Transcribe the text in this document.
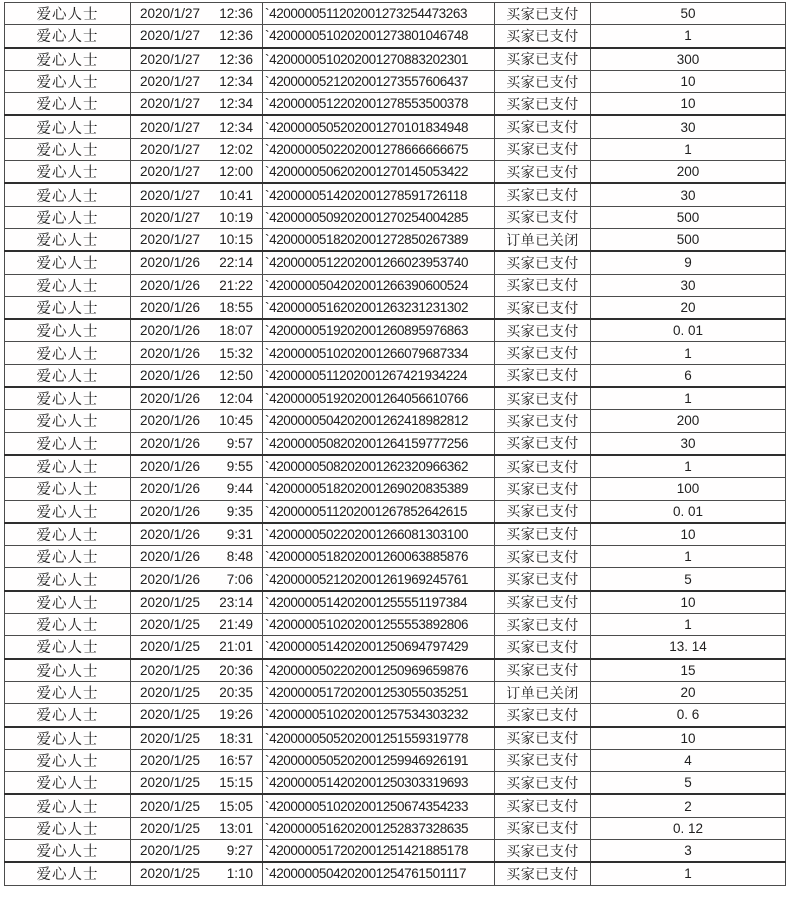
爱心人士	2020/1/27 12:36	`4200000511202001273254473263	买家已支付	50
爱心人士	2020/1/27 12:36	`4200000510202001273801046748	买家已支付	1
爱心人士	2020/1/27 12:36	`4200000510202001270883202301	买家已支付	300
爱心人士	2020/1/27 12:34	`4200000521202001273557606437	买家已支付	10
爱心人士	2020/1/27 12:34	`4200000512202001278553500378	买家已支付	10
爱心人士	2020/1/27 12:34	`4200000505202001270101834948	买家已支付	30
爱心人士	2020/1/27 12:02	`4200000502202001278666666675	买家已支付	1
爱心人士	2020/1/27 12:00	`4200000506202001270145053422	买家已支付	200
爱心人士	2020/1/27 10:41	`4200000514202001278591726118	买家已支付	30
爱心人士	2020/1/27 10:19	`4200000509202001270254004285	买家已支付	500
爱心人士	2020/1/27 10:15	`4200000518202001272850267389	订单已关闭	500
爱心人士	2020/1/26 22:14	`4200000512202001266023953740	买家已支付	9
爱心人士	2020/1/26 21:22	`4200000504202001266390600524	买家已支付	30
爱心人士	2020/1/26 18:55	`4200000516202001263231231302	买家已支付	20
爱心人士	2020/1/26 18:07	`4200000519202001260895976863	买家已支付	0. 01
爱心人士	2020/1/26 15:32	`4200000510202001266079687334	买家已支付	1
爱心人士	2020/1/26 12:50	`4200000511202001267421934224	买家已支付	6
爱心人士	2020/1/26 12:04	`4200000519202001264056610766	买家已支付	1
爱心人士	2020/1/26 10:45	`4200000504202001262418982812	买家已支付	200
爱心人士	2020/1/26 9:57	`4200000508202001264159777256	买家已支付	30
爱心人士	2020/1/26 9:55	`4200000508202001262320966362	买家已支付	1
爱心人士	2020/1/26 9:44	`4200000518202001269020835389	买家已支付	100
爱心人士	2020/1/26 9:35	`4200000511202001267852642615	买家已支付	0. 01
爱心人士	2020/1/26 9:31	`4200000502202001266081303100	买家已支付	10
爱心人士	2020/1/26 8:48	`4200000518202001260063885876	买家已支付	1
爱心人士	2020/1/26 7:06	`4200000521202001261969245761	买家已支付	5
爱心人士	2020/1/25 23:14	`4200000514202001255551197384	买家已支付	10
爱心人士	2020/1/25 21:49	`4200000510202001255553892806	买家已支付	1
爱心人士	2020/1/25 21:01	`4200000514202001250694797429	买家已支付	13. 14
爱心人士	2020/1/25 20:36	`4200000502202001250969659876	买家已支付	15
爱心人士	2020/1/25 20:35	`4200000517202001253055035251	订单已关闭	20
爱心人士	2020/1/25 19:26	`4200000510202001257534303232	买家已支付	0. 6
爱心人士	2020/1/25 18:31	`4200000505202001251559319778	买家已支付	10
爱心人士	2020/1/25 16:57	`4200000505202001259946926191	买家已支付	4
爱心人士	2020/1/25 15:15	`4200000514202001250303319693	买家已支付	5
爱心人士	2020/1/25 15:05	`4200000510202001250674354233	买家已支付	2
爱心人士	2020/1/25 13:01	`4200000516202001252837328635	买家已支付	0. 12
爱心人士	2020/1/25 9:27	`4200000517202001251421885178	买家已支付	3
爱心人士	2020/1/25 1:10	`4200000504202001254761501117	买家已支付	1
